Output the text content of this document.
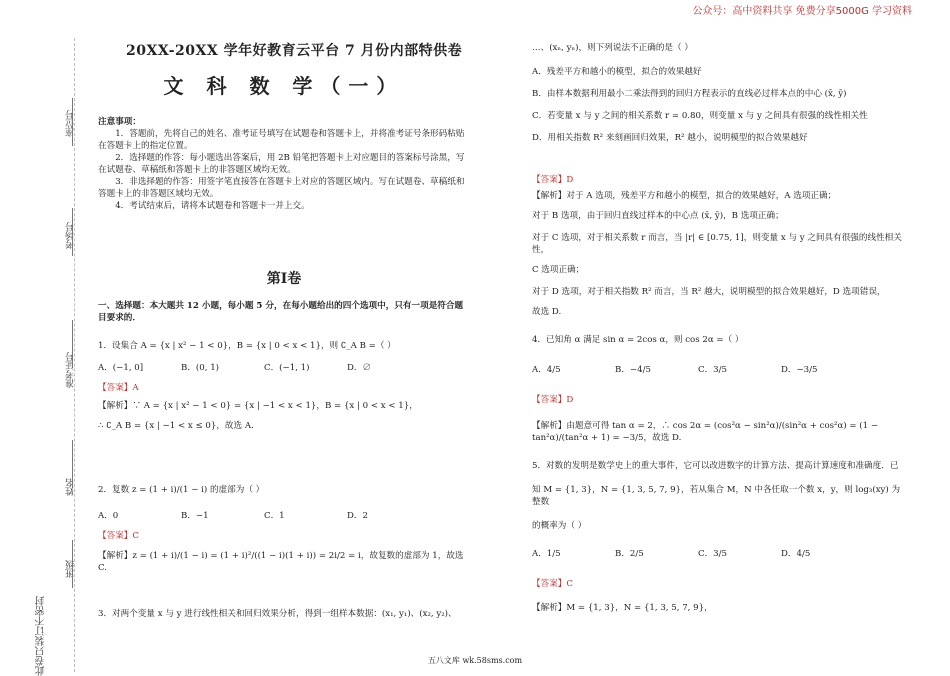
公众号：高中资料共享 免费分享5000G 学习资料
座位号
考场号
准考证号
姓名
班级
此卷只装订不密封
20XX-20XX 学年好教育云平台 7 月份内部特供卷
文 科 数 学（一）
注意事项：

1．答题前，先将自己的姓名、准考证号填写在试题卷和答题卡上，并将准考证号条形码粘贴在答题卡上的指定位置。

2．选择题的作答：每小题选出答案后，用 2B 铅笔把答题卡上对应题目的答案标号涂黑，写在试题卷、草稿纸和答题卡上的非答题区域均无效。

3．非选择题的作答：用签字笔直接答在答题卡上对应的答题区域内。写在试题卷、草稿纸和答题卡上的非答题区域均无效。

4．考试结束后，请将本试题卷和答题卡一并上交。

第Ⅰ卷
一、选择题：本大题共 12 小题，每小题 5 分，在每小题给出的四个选项中，只有一项是符合题目要求的．
1．设集合 A = {x | x² − 1 < 0}，B = {x | 0 < x < 1}，则 ∁_A B =（ ）
A．(−1, 0]	B．(0, 1)	C．(−1, 1)	D．∅
【答案】A
【解析】∵ A = {x | x² − 1 < 0} = {x | −1 < x < 1}，B = {x | 0 < x < 1}，
∴ ∁_A B = {x | −1 < x ≤ 0}，故选 A.
2．复数 z = (1 + i)/(1 − i) 的虚部为（ ）
A．0	B．−1	C．1	D．2
【答案】C
【解析】z = (1 + i)/(1 − i) = (1 + i)²/((1 − i)(1 + i)) = 2i/2 = i，故复数的虚部为 1，故选 C.
3．对两个变量 x 与 y 进行线性相关和回归效果分析，得到一组样本数据：(x₁, y₁)、(x₂, y₂)、
…、(xₙ, yₙ)，则下列说法不正确的是（ ）
A．残差平方和越小的模型，拟合的效果越好
B．由样本数据利用最小二乘法得到的回归方程表示的直线必过样本点的中心 (x̄, ȳ)
C．若变量 x 与 y 之间的相关系数 r = 0.80，则变量 x 与 y 之间具有很强的线性相关性
D．用相关指数 R² 来刻画回归效果，R² 越小，说明模型的拟合效果越好
【答案】D
【解析】对于 A 选项，残差平方和越小的模型，拟合的效果越好，A 选项正确；
对于 B 选项，由于回归直线过样本的中心点 (x̄, ȳ)，B 选项正确；
对于 C 选项，对于相关系数 r 而言，当 |r| ∈ [0.75, 1]，则变量 x 与 y 之间具有很强的线性相关性，
C 选项正确；
对于 D 选项，对于相关指数 R² 而言，当 R² 越大，说明模型的拟合效果越好，D 选项错误，
故选 D.
4．已知角 α 满足 sin α = 2cos α，则 cos 2α =（ ）
A．4/5	B．−4/5	C．3/5	D．−3/5
【答案】D
【解析】由题意可得 tan α = 2，∴ cos 2α = (cos²α − sin²α)/(sin²α + cos²α) = (1 − tan²α)/(tan²α + 1) = −3/5，故选 D.
5．对数的发明是数学史上的重大事件，它可以改进数字的计算方法、提高计算速度和准确度．已
知 M = {1, 3}，N = {1, 3, 5, 7, 9}，若从集合 M，N 中各任取一个数 x，y，则 log₃(xy) 为整数
的概率为（ ）
A．1/5	B．2/5	C．3/5	D．4/5
【答案】C
【解析】M = {1, 3}，N = {1, 3, 5, 7, 9}，
五八文库 wk.58sms.com
